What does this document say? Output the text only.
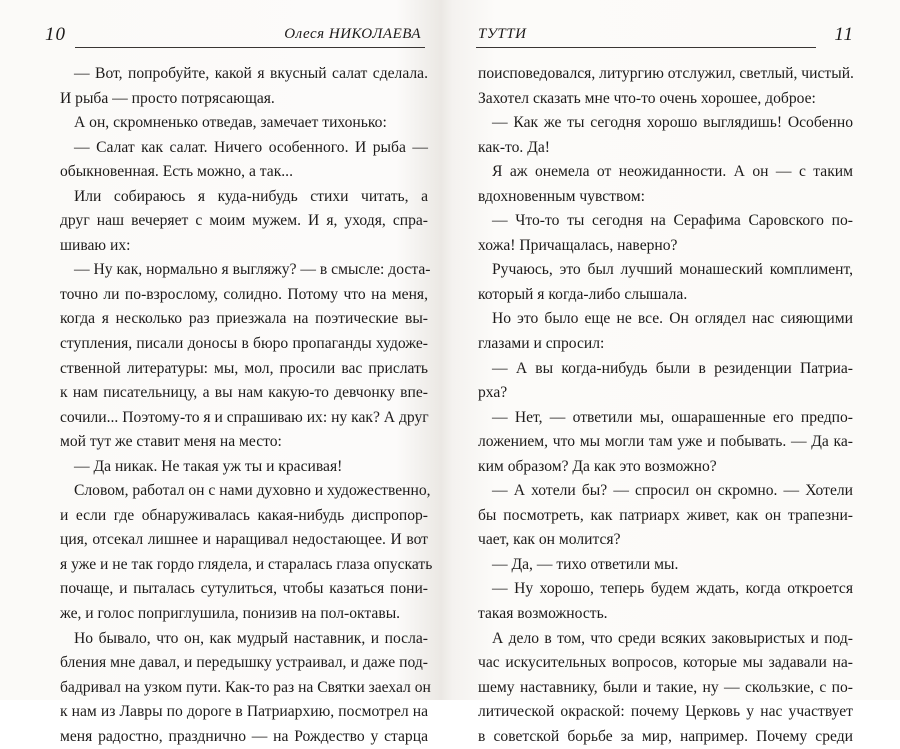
10	Олеся НИКОЛАЕВА
— Вот, попробуйте, какой я вкусный салат сделала.
И рыба — просто потрясающая.
А он, скромненько отведав, замечает тихонько:
— Салат как салат. Ничего особенного. И рыба —
обыкновенная. Есть можно, а так...
Или собираюсь я куда-нибудь стихи читать, а
друг наш вечеряет с моим мужем. И я, уходя, спра-
шиваю их:
— Ну как, нормально я выгляжу? — в смысле: доста-
точно ли по-взрослому, солидно. Потому что на меня,
когда я несколько раз приезжала на поэтические вы-
ступления, писали доносы в бюро пропаганды художе-
ственной литературы: мы, мол, просили вас прислать
к нам писательницу, а вы нам какую-то девчонку впе-
сочили... Поэтому-то я и спрашиваю их: ну как? А друг
мой тут же ставит меня на место:
— Да никак. Не такая уж ты и красивая!
Словом, работал он с нами духовно и художественно,
и если где обнаруживалась какая-нибудь диспропор-
ция, отсекал лишнее и наращивал недостающее. И вот
я уже и не так гордо глядела, и старалась глаза опускать
почаще, и пыталась сутулиться, чтобы казаться пони-
же, и голос поприглушила, понизив на пол-октавы.
Но бывало, что он, как мудрый наставник, и посла-
бления мне давал, и передышку устраивал, и даже под-
бадривал на узком пути. Как-то раз на Святки заехал он
к нам из Лавры по дороге в Патриархию, посмотрел на
меня радостно, празднично — на Рождество у старца
ТУТТИ	11
поисповедовался, литургию отслужил, светлый, чистый.
Захотел сказать мне что-то очень хорошее, доброе:
— Как же ты сегодня хорошо выглядишь! Особенно
как-то. Да!
Я аж онемела от неожиданности. А он — с таким
вдохновенным чувством:
— Что-то ты сегодня на Серафима Саровского по-
хожа! Причащалась, наверно?
Ручаюсь, это был лучший монашеский комплимент,
который я когда-либо слышала.
Но это было еще не все. Он оглядел нас сияющими
глазами и спросил:
— А вы когда-нибудь были в резиденции Патриа-
рха?
— Нет, — ответили мы, ошарашенные его предпо-
ложением, что мы могли там уже и побывать. — Да ка-
ким образом? Да как это возможно?
— А хотели бы? — спросил он скромно. — Хотели
бы посмотреть, как патриарх живет, как он трапезни-
чает, как он молится?
— Да, — тихо ответили мы.
— Ну хорошо, теперь будем ждать, когда откроется
такая возможность.
А дело в том, что среди всяких заковыристых и под-
час искусительных вопросов, которые мы задавали на-
шему наставнику, были и такие, ну — скользкие, с по-
литической окраской: почему Церковь у нас участвует
в советской борьбе за мир, например. Почему среди
